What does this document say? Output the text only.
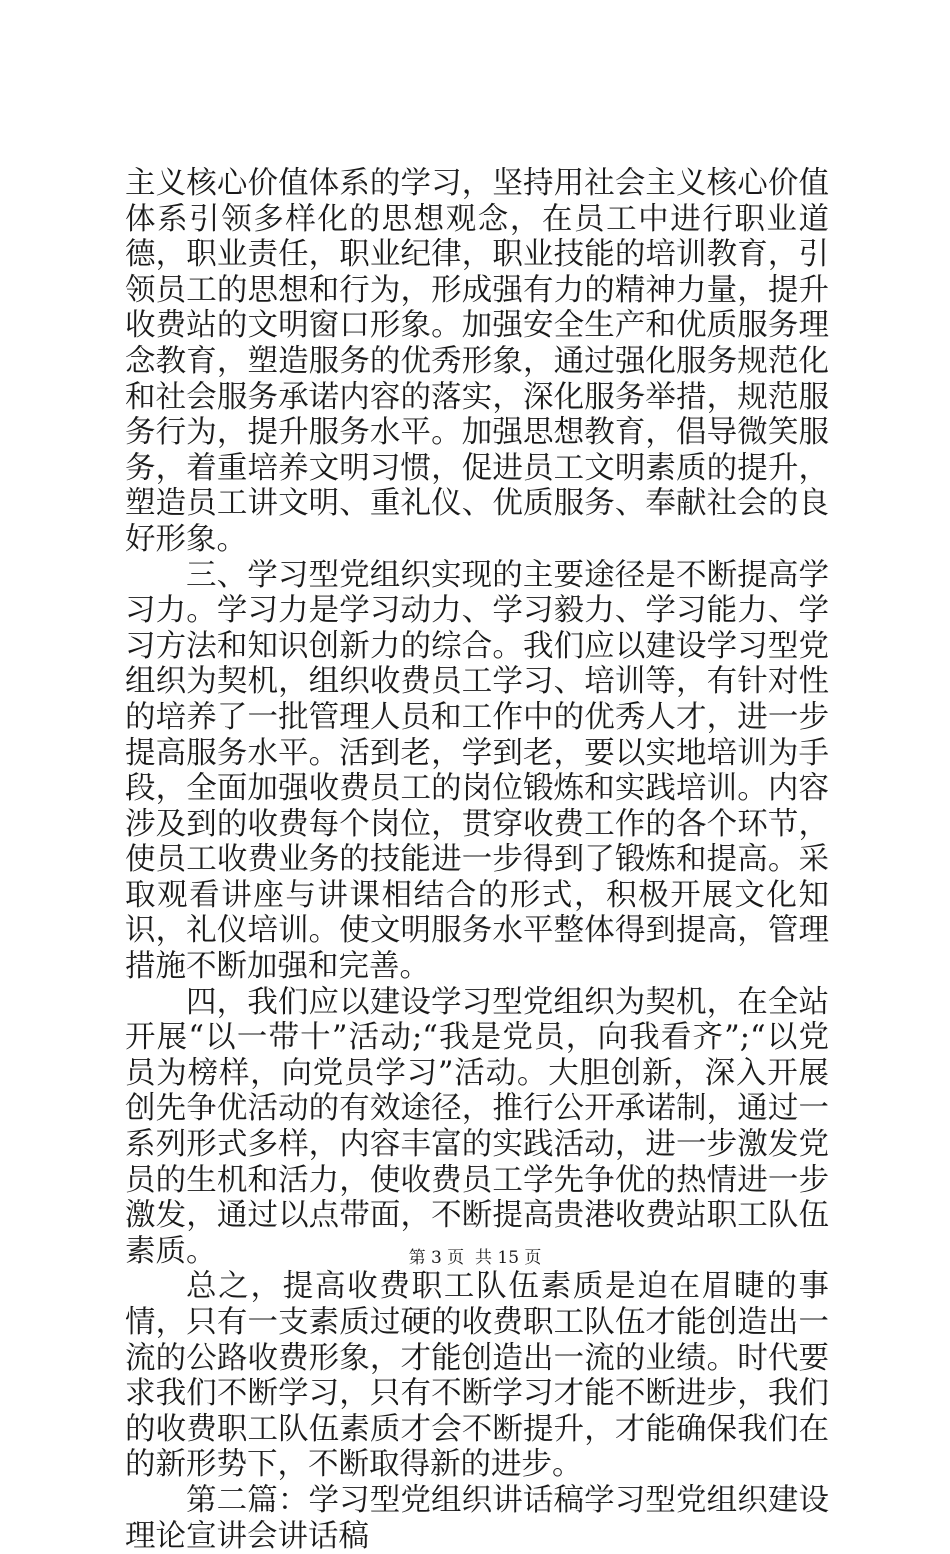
主义核心价值体系的学习，坚持用社会主义核心价值体系引领多样化的思想观念，在员工中进行职业道德，职业责任，职业纪律，职业技能的培训教育，引领员工的思想和行为，形成强有力的精神力量，提升收费站的文明窗口形象。加强安全生产和优质服务理念教育，塑造服务的优秀形象，通过强化服务规范化和社会服务承诺内容的落实，深化服务举措，规范服务行为，提升服务水平。加强思想教育，倡导微笑服务，着重培养文明习惯，促进员工文明素质的提升，塑造员工讲文明、重礼仪、优质服务、奉献社会的良好形象。

三、学习型党组织实现的主要途径是不断提高学习力。学习力是学习动力、学习毅力、学习能力、学习方法和知识创新力的综合。我们应以建设学习型党组织为契机，组织收费员工学习、培训等，有针对性的培养了一批管理人员和工作中的优秀人才，进一步提高服务水平。活到老，学到老，要以实地培训为手段，全面加强收费员工的岗位锻炼和实践培训。内容涉及到的收费每个岗位，贯穿收费工作的各个环节，使员工收费业务的技能进一步得到了锻炼和提高。采取观看讲座与讲课相结合的形式，积极开展文化知识，礼仪培训。使文明服务水平整体得到提高，管理措施不断加强和完善。

四，我们应以建设学习型党组织为契机，在全站开展“以一带十”活动;“我是党员，向我看齐”;“以党员为榜样，向党员学习”活动。大胆创新，深入开展创先争优活动的有效途径，推行公开承诺制，通过一系列形式多样，内容丰富的实践活动，进一步激发党员的生机和活力，使收费员工学先争优的热情进一步激发，通过以点带面，不断提高贵港收费站职工队伍素质。

总之，提高收费职工队伍素质是迫在眉睫的事情，只有一支素质过硬的收费职工队伍才能创造出一流的公路收费形象，才能创造出一流的业绩。时代要求我们不断学习，只有不断学习才能不断进步，我们的收费职工队伍素质才会不断提升，才能确保我们在的新形势下，不断取得新的进步。

第二篇：学习型党组织讲话稿学习型党组织建设理论宣讲会讲话稿

第 3 页  共 15 页
